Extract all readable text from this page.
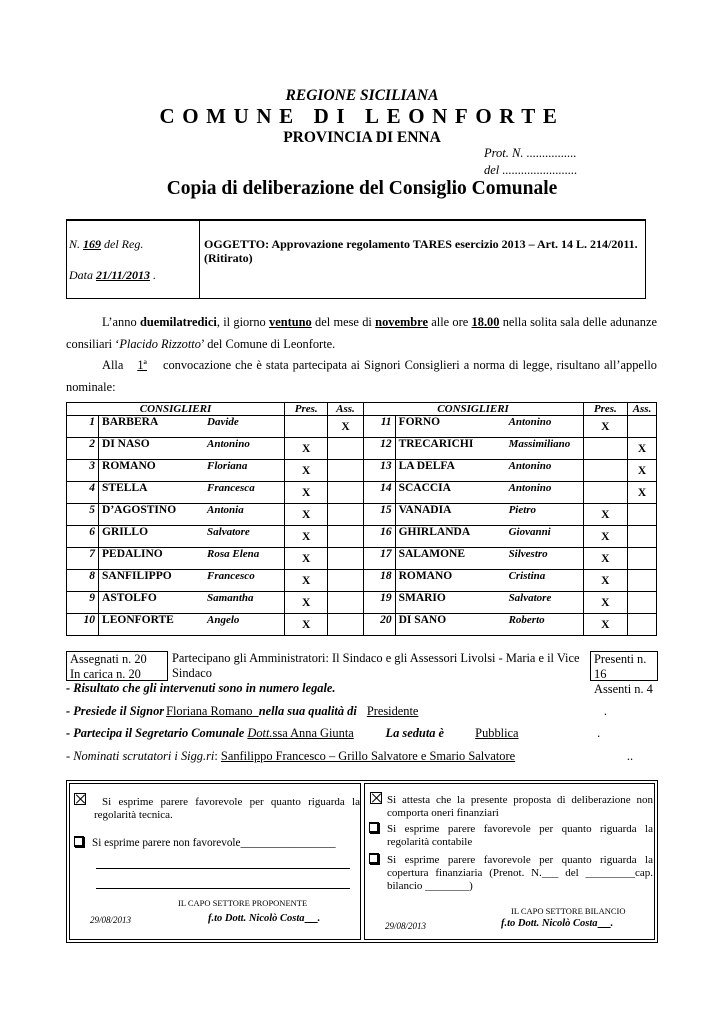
REGIONE SICILIANA
COMUNE DI LEONFORTE
PROVINCIA DI ENNA
Prot. N. ................
del ........................
Copia di deliberazione del Consiglio Comunale
N. 169 del Reg.
Data 21/11/2013 .
OGGETTO: Approvazione regolamento TARES esercizio 2013 – Art. 14 L. 214/2011. (Ritirato)
L’anno duemilatredici, il giorno ventuno del mese di novembre alle ore 18.00 nella solita sala delle adunanze consiliari ‘Placido Rizzotto’ del Comune di Leonforte.
Alla 1ª convocazione che è stata partecipata ai Signori Consiglieri a norma di legge, risultano all’appello nominale:
CONSIGLIERI		Pres.	Ass.	CONSIGLIERI		Pres.	Ass.
1	BARBERA Davide		X	11	FORNO Antonino	X	
2	DI NASO Antonino	X		12	TRECARICHI Massimiliano		X
3	ROMANO Floriana	X		13	LA DELFA Antonino		X
4	STELLA Francesca	X		14	SCACCIA Antonino		X
5	D’AGOSTINO Antonia	X		15	VANADIA Pietro	X	
6	GRILLO Salvatore	X		16	GHIRLANDA Giovanni	X	
7	PEDALINO Rosa Elena	X		17	SALAMONE Silvestro	X	
8	SANFILIPPO Francesco	X		18	ROMANO Cristina	X	
9	ASTOLFO Samantha	X		19	SMARIO Salvatore	X	
10	LEONFORTE Angelo	X		20	DI SANO Roberto	X	
Assegnati n. 20
In carica n. 20
Partecipano gli Amministratori: Il Sindaco e gli Assessori Livolsi - Maria e il Vice Sindaco
Presenti n. 16
Assenti n. 4
- Risultato che gli intervenuti sono in numero legale.
- Presiede il Signor Floriana Romano nella sua qualità di Presidente	.
- Partecipa il Segretario Comunale Dott.ssa Anna Giunta	La seduta è	Pubblica	.
- Nominati scrutatori i Sigg.ri: Sanfilippo Francesco – Grillo Salvatore e Smario Salvatore	..
Si esprime parere favorevole per quanto riguarda la regolarità tecnica.
Si esprime parere non favorevole_________________
IL CAPO SETTORE PROPONENTE
29/08/2013	f.to Dott. Nicolò Costa .
Si attesta che la presente proposta di deliberazione non comporta oneri finanziari
Si esprime parere favorevole per quanto riguarda la regolarità contabile
Si esprime parere favorevole per quanto riguarda la copertura finanziaria (Prenot. N.___ del _________cap. bilancio ________)
IL CAPO SETTORE BILANCIO
29/08/2013	f.to Dott. Nicolò Costa .
